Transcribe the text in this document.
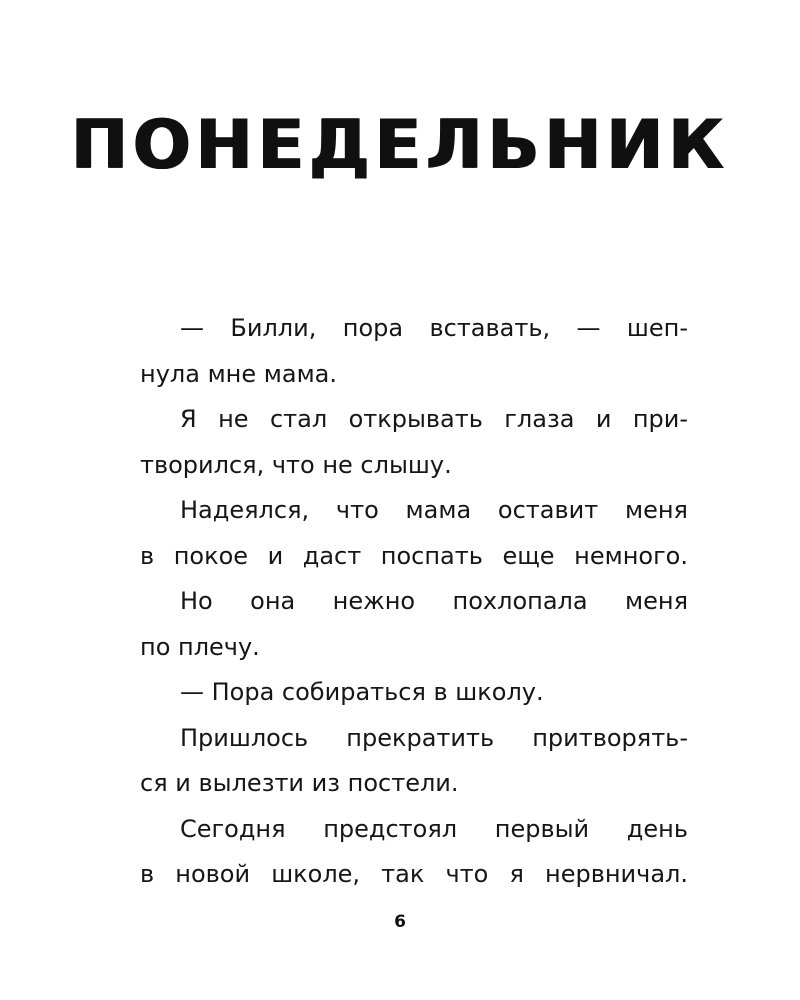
ПОНЕДЕЛЬНИК
— Билли, пора вставать, — шеп-
нула мне мама.
Я не стал открывать глаза и при-
творился, что не слышу.
Надеялся, что мама оставит меня
в покое и даст поспать еще немного.
Но она нежно похлопала меня
по плечу.
— Пора собираться в школу.
Пришлось прекратить притворять-
ся и вылезти из постели.
Сегодня предстоял первый день
в новой школе, так что я нервничал.
6
